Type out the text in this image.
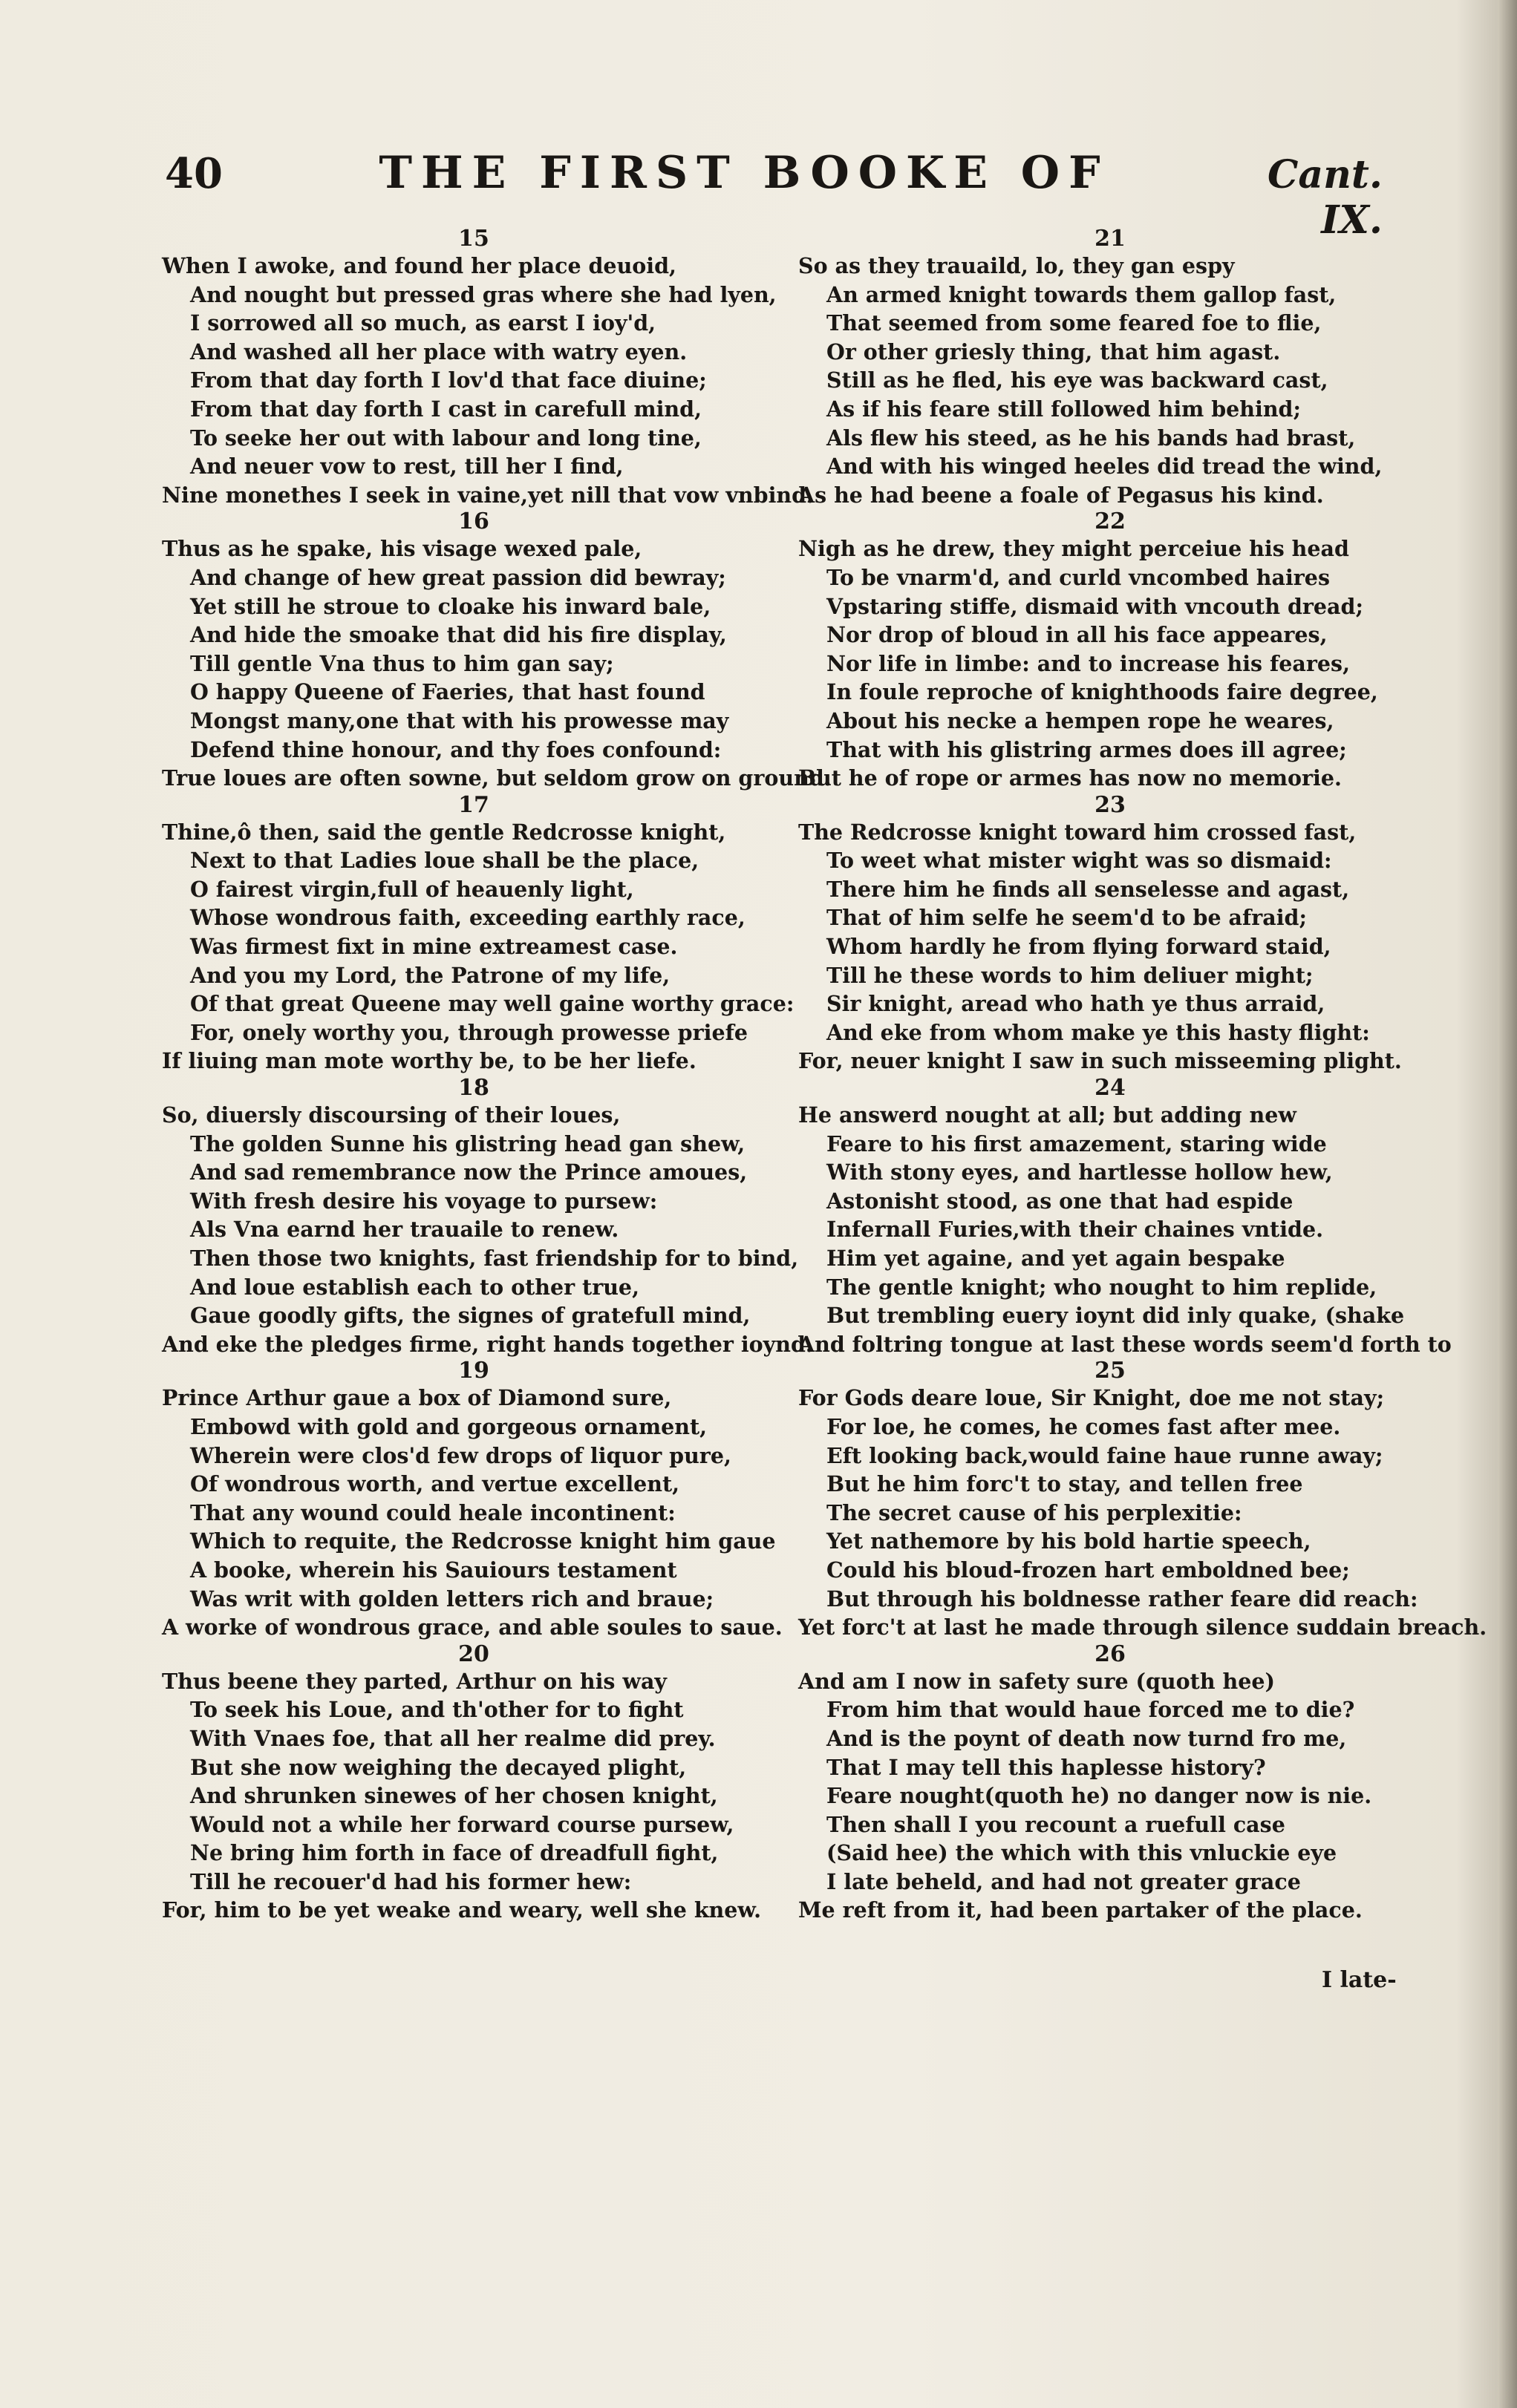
40	THE FIRST BOOKE OF	Cant. IX.
15
When I awoke, and found her place deuoid,
And nought but pressed gras where she had lyen,
I sorrowed all so much, as earst I ioy'd,
And washed all her place with watry eyen.
From that day forth I lov'd that face diuine;
From that day forth I cast in carefull mind,
To seeke her out with labour and long tine,
And neuer vow to rest, till her I find,
Nine monethes I seek in vaine,yet nill that vow vnbind.
16
Thus as he spake, his visage wexed pale,
And change of hew great passion did bewray;
Yet still he stroue to cloake his inward bale,
And hide the smoake that did his fire display,
Till gentle Vna thus to him gan say;
O happy Queene of Faeries, that hast found
Mongst many,one that with his prowesse may
Defend thine honour, and thy foes confound:
True loues are often sowne, but seldom grow on ground.
17
Thine,ô then, said the gentle Redcrosse knight,
Next to that Ladies loue shall be the place,
O fairest virgin,full of heauenly light,
Whose wondrous faith, exceeding earthly race,
Was firmest fixt in mine extreamest case.
And you my Lord, the Patrone of my life,
Of that great Queene may well gaine worthy grace:
For, onely worthy you, through prowesse priefe
If liuing man mote worthy be, to be her liefe.
18
So, diuersly discoursing of their loues,
The golden Sunne his glistring head gan shew,
And sad remembrance now the Prince amoues,
With fresh desire his voyage to pursew:
Als Vna earnd her trauaile to renew.
Then those two knights, fast friendship for to bind,
And loue establish each to other true,
Gaue goodly gifts, the signes of gratefull mind,
And eke the pledges firme, right hands together ioynd.
19
Prince Arthur gaue a box of Diamond sure,
Embowd with gold and gorgeous ornament,
Wherein were clos'd few drops of liquor pure,
Of wondrous worth, and vertue excellent,
That any wound could heale incontinent:
Which to requite, the Redcrosse knight him gaue
A booke, wherein his Sauiours testament
Was writ with golden letters rich and braue;
A worke of wondrous grace, and able soules to saue.
20
Thus beene they parted, Arthur on his way
To seek his Loue, and th'other for to fight
With Vnaes foe, that all her realme did prey.
But she now weighing the decayed plight,
And shrunken sinewes of her chosen knight,
Would not a while her forward course pursew,
Ne bring him forth in face of dreadfull fight,
Till he recouer'd had his former hew:
For, him to be yet weake and weary, well she knew.
21
So as they trauaild, lo, they gan espy
An armed knight towards them gallop fast,
That seemed from some feared foe to flie,
Or other griesly thing, that him agast.
Still as he fled, his eye was backward cast,
As if his feare still followed him behind;
Als flew his steed, as he his bands had brast,
And with his winged heeles did tread the wind,
As he had beene a foale of Pegasus his kind.
22
Nigh as he drew, they might perceiue his head
To be vnarm'd, and curld vncombed haires
Vpstaring stiffe, dismaid with vncouth dread;
Nor drop of bloud in all his face appeares,
Nor life in limbe: and to increase his feares,
In foule reproche of knighthoods faire degree,
About his necke a hempen rope he weares,
That with his glistring armes does ill agree;
But he of rope or armes has now no memorie.
23
The Redcrosse knight toward him crossed fast,
To weet what mister wight was so dismaid:
There him he finds all senselesse and agast,
That of him selfe he seem'd to be afraid;
Whom hardly he from flying forward staid,
Till he these words to him deliuer might;
Sir knight, aread who hath ye thus arraid,
And eke from whom make ye this hasty flight:
For, neuer knight I saw in such misseeming plight.
24
He answerd nought at all; but adding new
Feare to his first amazement, staring wide
With stony eyes, and hartlesse hollow hew,
Astonisht stood, as one that had espide
Infernall Furies,with their chaines vntide.
Him yet againe, and yet again bespake
The gentle knight; who nought to him replide,
But trembling euery ioynt did inly quake, (shake
And foltring tongue at last these words seem'd forth to
25
For Gods deare loue, Sir Knight, doe me not stay;
For loe, he comes, he comes fast after mee.
Eft looking back,would faine haue runne away;
But he him forc't to stay, and tellen free
The secret cause of his perplexitie:
Yet nathemore by his bold hartie speech,
Could his bloud-frozen hart emboldned bee;
But through his boldnesse rather feare did reach:
Yet forc't at last he made through silence suddain breach.
26
And am I now in safety sure (quoth hee)
From him that would haue forced me to die?
And is the poynt of death now turnd fro me,
That I may tell this haplesse history?
Feare nought(quoth he) no danger now is nie.
Then shall I you recount a ruefull case
(Said hee) the which with this vnluckie eye
I late beheld, and had not greater grace
Me reft from it, had been partaker of the place.
I late-
